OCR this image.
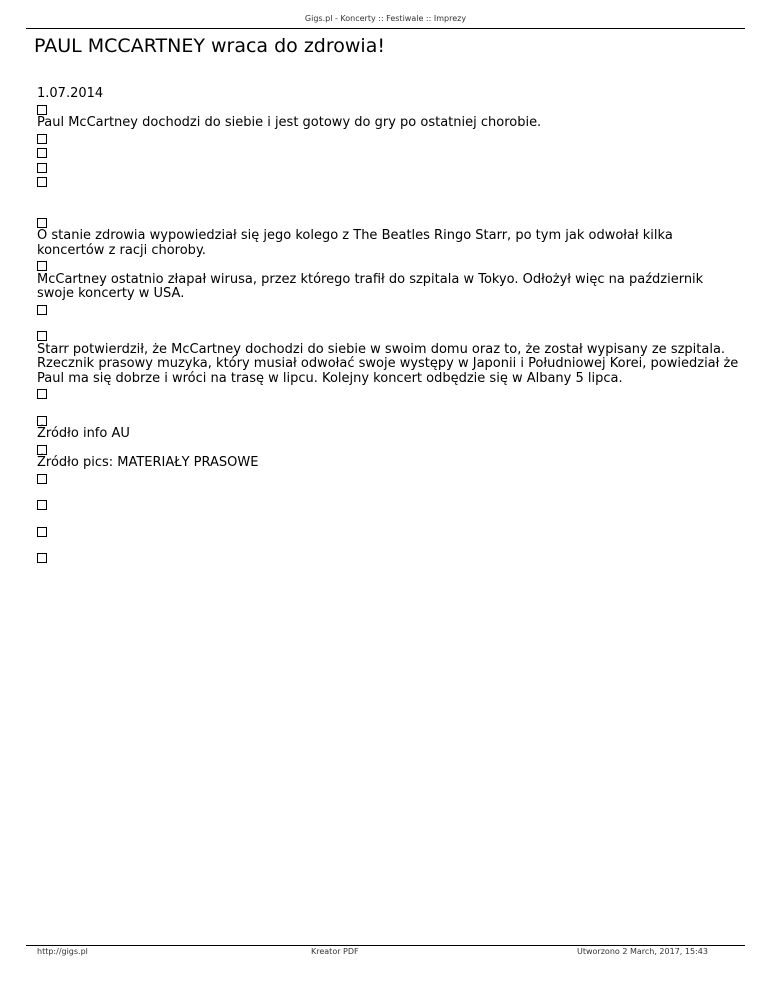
Gigs.pl - Koncerty :: Festiwale :: Imprezy
PAUL MCCARTNEY wraca do zdrowia!
1.07.2014
Paul McCartney dochodzi do siebie i jest gotowy do gry po ostatniej chorobie.
O stanie zdrowia wypowiedział się jego kolego z The Beatles Ringo Starr, po tym jak odwołał kilka koncertów z racji choroby.
McCartney ostatnio złapał wirusa, przez którego trafił do szpitala w Tokyo. Odłożył więc na październik swoje koncerty w USA.
Starr potwierdził, że McCartney dochodzi do siebie w swoim domu oraz to, że został wypisany ze szpitala. Rzecznik prasowy muzyka, który musiał odwołać swoje występy w Japonii i Południowej Korei, powiedział że Paul ma się dobrze i wróci na trasę w lipcu. Kolejny koncert odbędzie się w Albany 5 lipca.
Źródło info AU
Źródło pics: MATERIAŁY PRASOWE
http://gigs.pl	Kreator PDF	Utworzono 2 March, 2017, 15:43
